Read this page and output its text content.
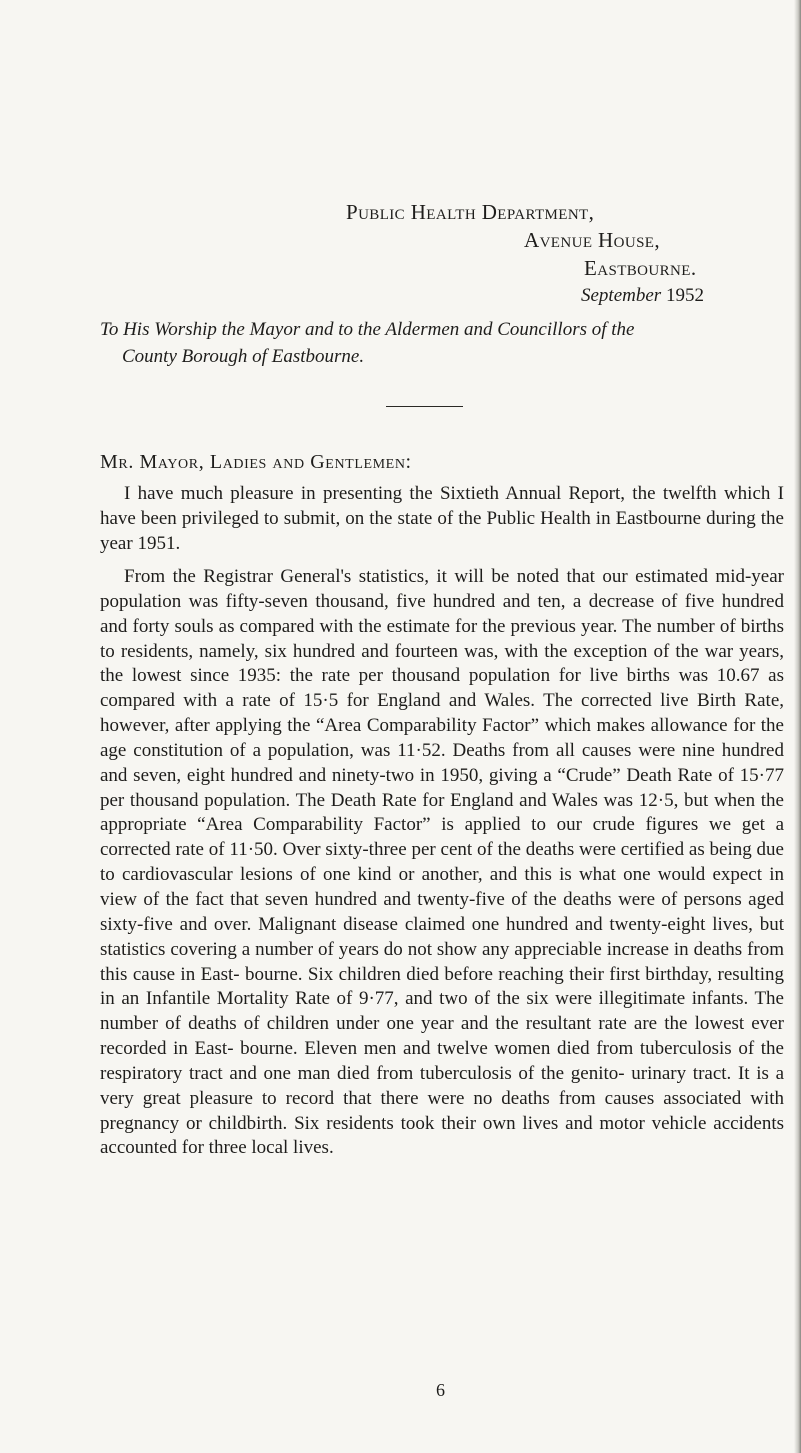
Public Health Department,
Avenue House,
Eastbourne.
September 1952
To His Worship the Mayor and to the Aldermen and Councillors of the
County Borough of Eastbourne.
Mr. Mayor, Ladies and Gentlemen:

I have much pleasure in presenting the Sixtieth Annual Report, the twelfth which I have been privileged to submit, on the state of the Public Health in Eastbourne during the year 1951.

From the Registrar General's statistics, it will be noted that our estimated mid-year population was fifty-seven thousand, five hundred and ten, a decrease of five hundred and forty souls as compared with the estimate for the previous year. The number of births to residents, namely, six hundred and fourteen was, with the exception of the war years, the lowest since 1935: the rate per thousand population for live births was 10.67 as compared with a rate of 15·5 for England and Wales. The corrected live Birth Rate, however, after applying the “Area Comparability Factor” which makes allowance for the age constitution of a population, was 11·52. Deaths from all causes were nine hundred and seven, eight hundred and ninety-two in 1950, giving a “Crude” Death Rate of 15·77 per thousand population. The Death Rate for England and Wales was 12·5, but when the appropriate “Area Comparability Factor” is applied to our crude figures we get a corrected rate of 11·50. Over sixty-three per cent of the deaths were certified as being due to cardiovascular lesions of one kind or another, and this is what one would expect in view of the fact that seven hundred and twenty-five of the deaths were of persons aged sixty-five and over. Malignant disease claimed one hundred and twenty-eight lives, but statistics covering a number of years do not show any appreciable increase in deaths from this cause in East- bourne. Six children died before reaching their first birthday, resulting in an Infantile Mortality Rate of 9·77, and two of the six were illegitimate infants. The number of deaths of children under one year and the resultant rate are the lowest ever recorded in East- bourne. Eleven men and twelve women died from tuberculosis of the respiratory tract and one man died from tuberculosis of the genito- urinary tract. It is a very great pleasure to record that there were no deaths from causes associated with pregnancy or childbirth. Six residents took their own lives and motor vehicle accidents accounted for three local lives.

6
